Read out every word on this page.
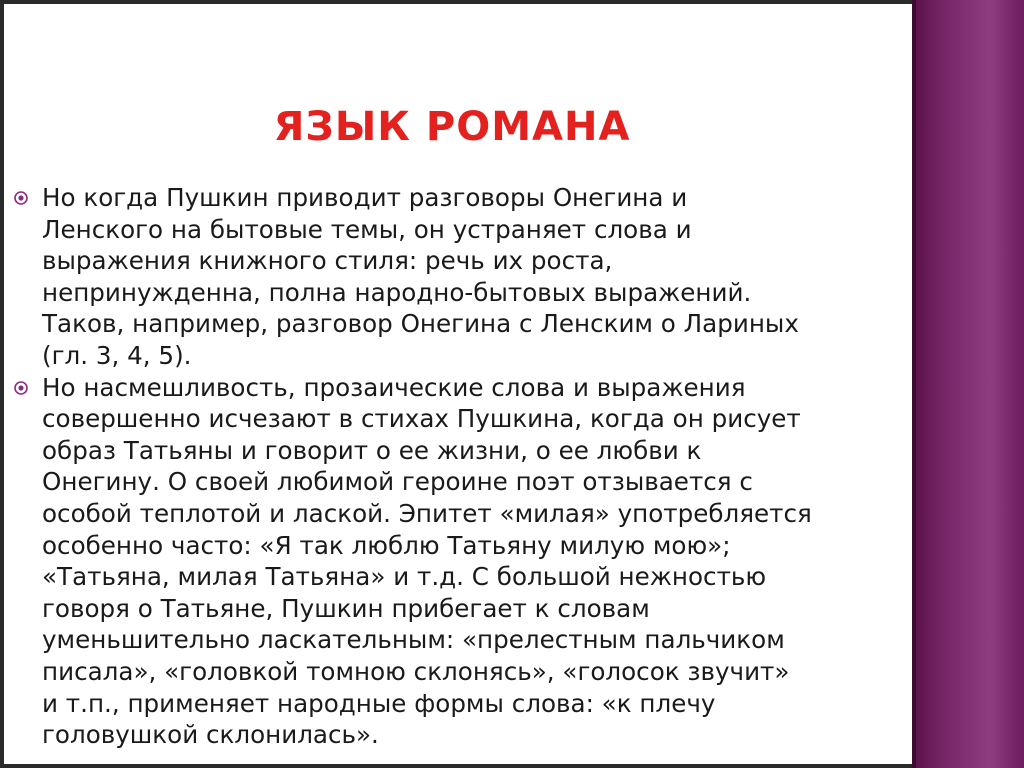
ЯЗЫК РОМАНА
Но когда Пушкин приводит разговоры Онегина и
Ленского на бытовые темы, он устраняет слова и
выражения книжного стиля: речь их роста,
непринужденна, полна народно-бытовых выражений.
Таков, например, разговор Онегина с Ленским о Лариных
(гл. 3, 4, 5).
Но насмешливость, прозаические слова и выражения
совершенно исчезают в стихах Пушкина, когда он рисует
образ Татьяны и говорит о ее жизни, о ее любви к
Онегину. О своей любимой героине поэт отзывается с
особой теплотой и лаской. Эпитет «милая» употребляется
особенно часто: «Я так люблю Татьяну милую мою»;
«Татьяна, милая Татьяна» и т.д. С большой нежностью
говоря о Татьяне, Пушкин прибегает к словам
уменьшительно ласкательным: «прелестным пальчиком
писала», «головкой томною склонясь», «голосок звучит»
и т.п., применяет народные формы слова: «к плечу
головушкой склонилась».
